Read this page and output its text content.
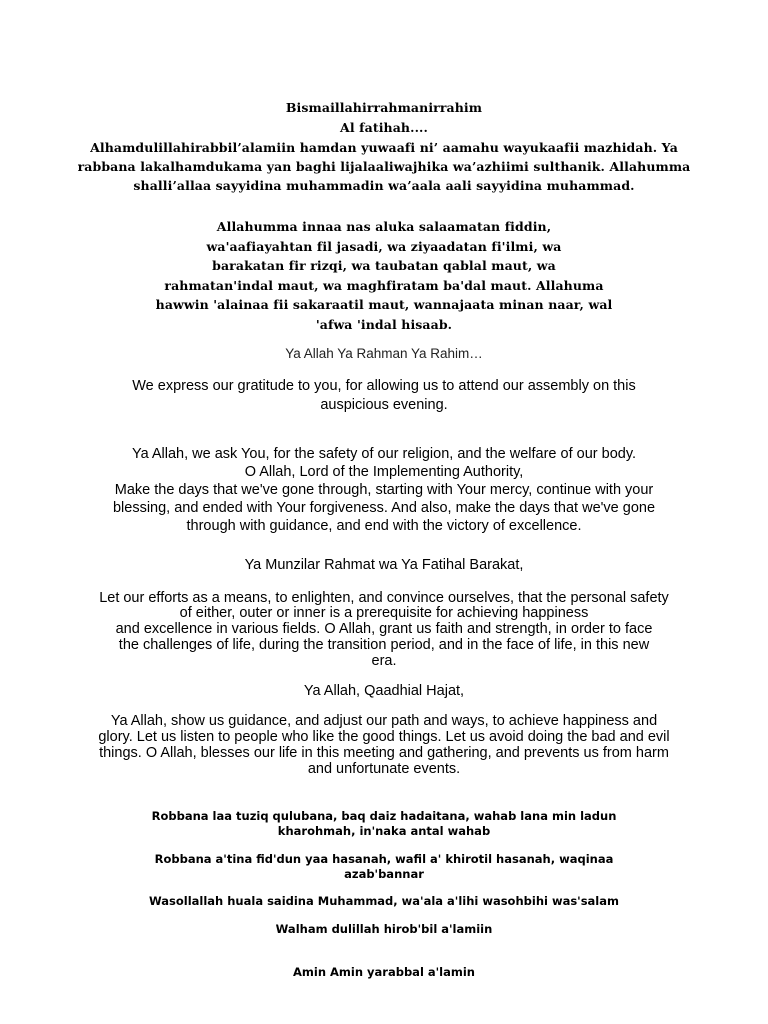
Bismaillahirrahmanirrahim

Al fatihah....

Alhamdulillahirabbil’alamiin hamdan yuwaafi ni’ aamahu wayukaafii mazhidah. Ya

rabbana lakalhamdukama yan baghi lijalaaliwajhika wa’azhiimi sulthanik. Allahumma

shalli’allaa sayyidina muhammadin wa’aala aali sayyidina muhammad.

Allahumma innaa nas aluka salaamatan fiddin,

wa'aafiayahtan fil jasadi, wa ziyaadatan fi'ilmi, wa

barakatan fir rizqi, wa taubatan qablal maut, wa

rahmatan'indal maut, wa maghfiratam ba'dal maut. Allahuma

hawwin 'alainaa fii sakaraatil maut, wannajaata minan naar, wal

'afwa 'indal hisaab.

Ya Allah Ya Rahman Ya Rahim…

We express our gratitude to you, for allowing us to attend our assembly on this

auspicious evening.

Ya Allah, we ask You, for the safety of our religion, and the welfare of our body.

O Allah, Lord of the Implementing Authority,

Make the days that we've gone through, starting with Your mercy, continue with your

blessing, and ended with Your forgiveness. And also, make the days that we've gone

through with guidance, and end with the victory of excellence.

Ya Munzilar Rahmat wa Ya Fatihal Barakat,

Let our efforts as a means, to enlighten, and convince ourselves, that the personal safety

of either, outer or inner is a prerequisite for achieving happiness

and excellence in various fields. O Allah, grant us faith and strength, in order to face

the challenges of life, during the transition period, and in the face of life, in this new

era.

Ya Allah, Qaadhial Hajat,

Ya Allah, show us guidance, and adjust our path and ways, to achieve happiness and

glory. Let us listen to people who like the good things. Let us avoid doing the bad and evil

things. O Allah, blesses our life in this meeting and gathering, and prevents us from harm

and unfortunate events.

Robbana laa tuziq qulubana, baq daiz hadaitana, wahab lana min ladun

kharohmah, in'naka antal wahab

Robbana a'tina fid'dun yaa hasanah, wafil a' khirotil hasanah, waqinaa

azab'bannar

Wasollallah huala saidina Muhammad, wa'ala a'lihi wasohbihi was'salam

Walham dulillah hirob'bil a'lamiin

Amin Amin yarabbal a'lamin
